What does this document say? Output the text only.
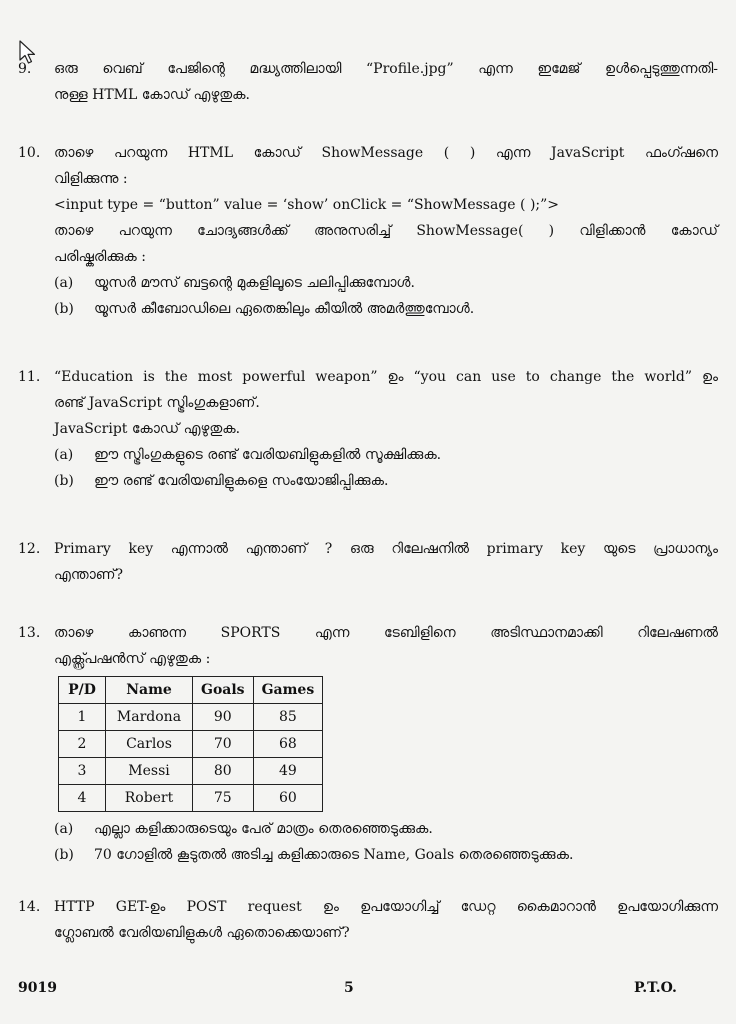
9.	ഒരു വെബ് പേജിന്റെ മദ്ധ്യത്തിലായി “Profile.jpg” എന്ന ഇമേജ് ഉൾപ്പെടുത്തുന്നതി-
നുള്ള HTML കോഡ് എഴുതുക.
10. താഴെ പറയുന്ന HTML കോഡ് ShowMessage ( ) എന്ന JavaScript ഫംഗ്ഷനെ
വിളിക്കുന്നു :
<input type = “button” value = ‘show’ onClick = “ShowMessage ( );”>
താഴെ പറയുന്ന ചോദ്യങ്ങൾക്ക് അനുസരിച്ച് ShowMessage( ) വിളിക്കാൻ കോഡ്
പരിഷ്കരിക്കുക :
(a)	യൂസർ മൗസ് ബട്ടന്റെ മുകളിലൂടെ ചലിപ്പിക്കുമ്പോൾ.
(b)	യൂസർ കീബോഡിലെ ഏതെങ്കിലും കീയിൽ അമർത്തുമ്പോൾ.
11. “Education is the most powerful weapon” ഉം “you can use to change the world” ഉം
രണ്ട് JavaScript സ്ട്രിംഗുകളാണ്.
JavaScript കോഡ് എഴുതുക.
(a)	ഈ സ്ട്രിംഗുകളുടെ രണ്ട് വേരിയബിളുകളിൽ സൂക്ഷിക്കുക.
(b)	ഈ രണ്ട് വേരിയബിളുകളെ സംയോജിപ്പിക്കുക.
12. Primary key എന്നാൽ എന്താണ് ? ഒരു റിലേഷനിൽ primary key യുടെ പ്രാധാന്യം
എന്താണ്?
13. താഴെ കാണുന്ന SPORTS എന്ന ടേബിളിനെ അടിസ്ഥാനമാക്കി റിലേഷണൽ
എക്സ്പ്രഷൻസ് എഴുതുക :
P/D	Name	Goals	Games
1	Mardona	90	85
2	Carlos	70	68
3	Messi	80	49
4	Robert	75	60
(a)	എല്ലാ കളിക്കാരുടെയും പേര് മാത്രം തെരഞ്ഞെടുക്കുക.
(b)	70 ഗോളിൽ കൂടുതൽ അടിച്ച കളിക്കാരുടെ Name, Goals തെരഞ്ഞെടുക്കുക.
14. HTTP GET-ഉം POST request ഉം ഉപയോഗിച്ച് ഡേറ്റ കൈമാറാൻ ഉപയോഗിക്കുന്ന
ഗ്ലോബൽ വേരിയബിളുകൾ ഏതൊക്കെയാണ്?
9019	5	P.T.O.
